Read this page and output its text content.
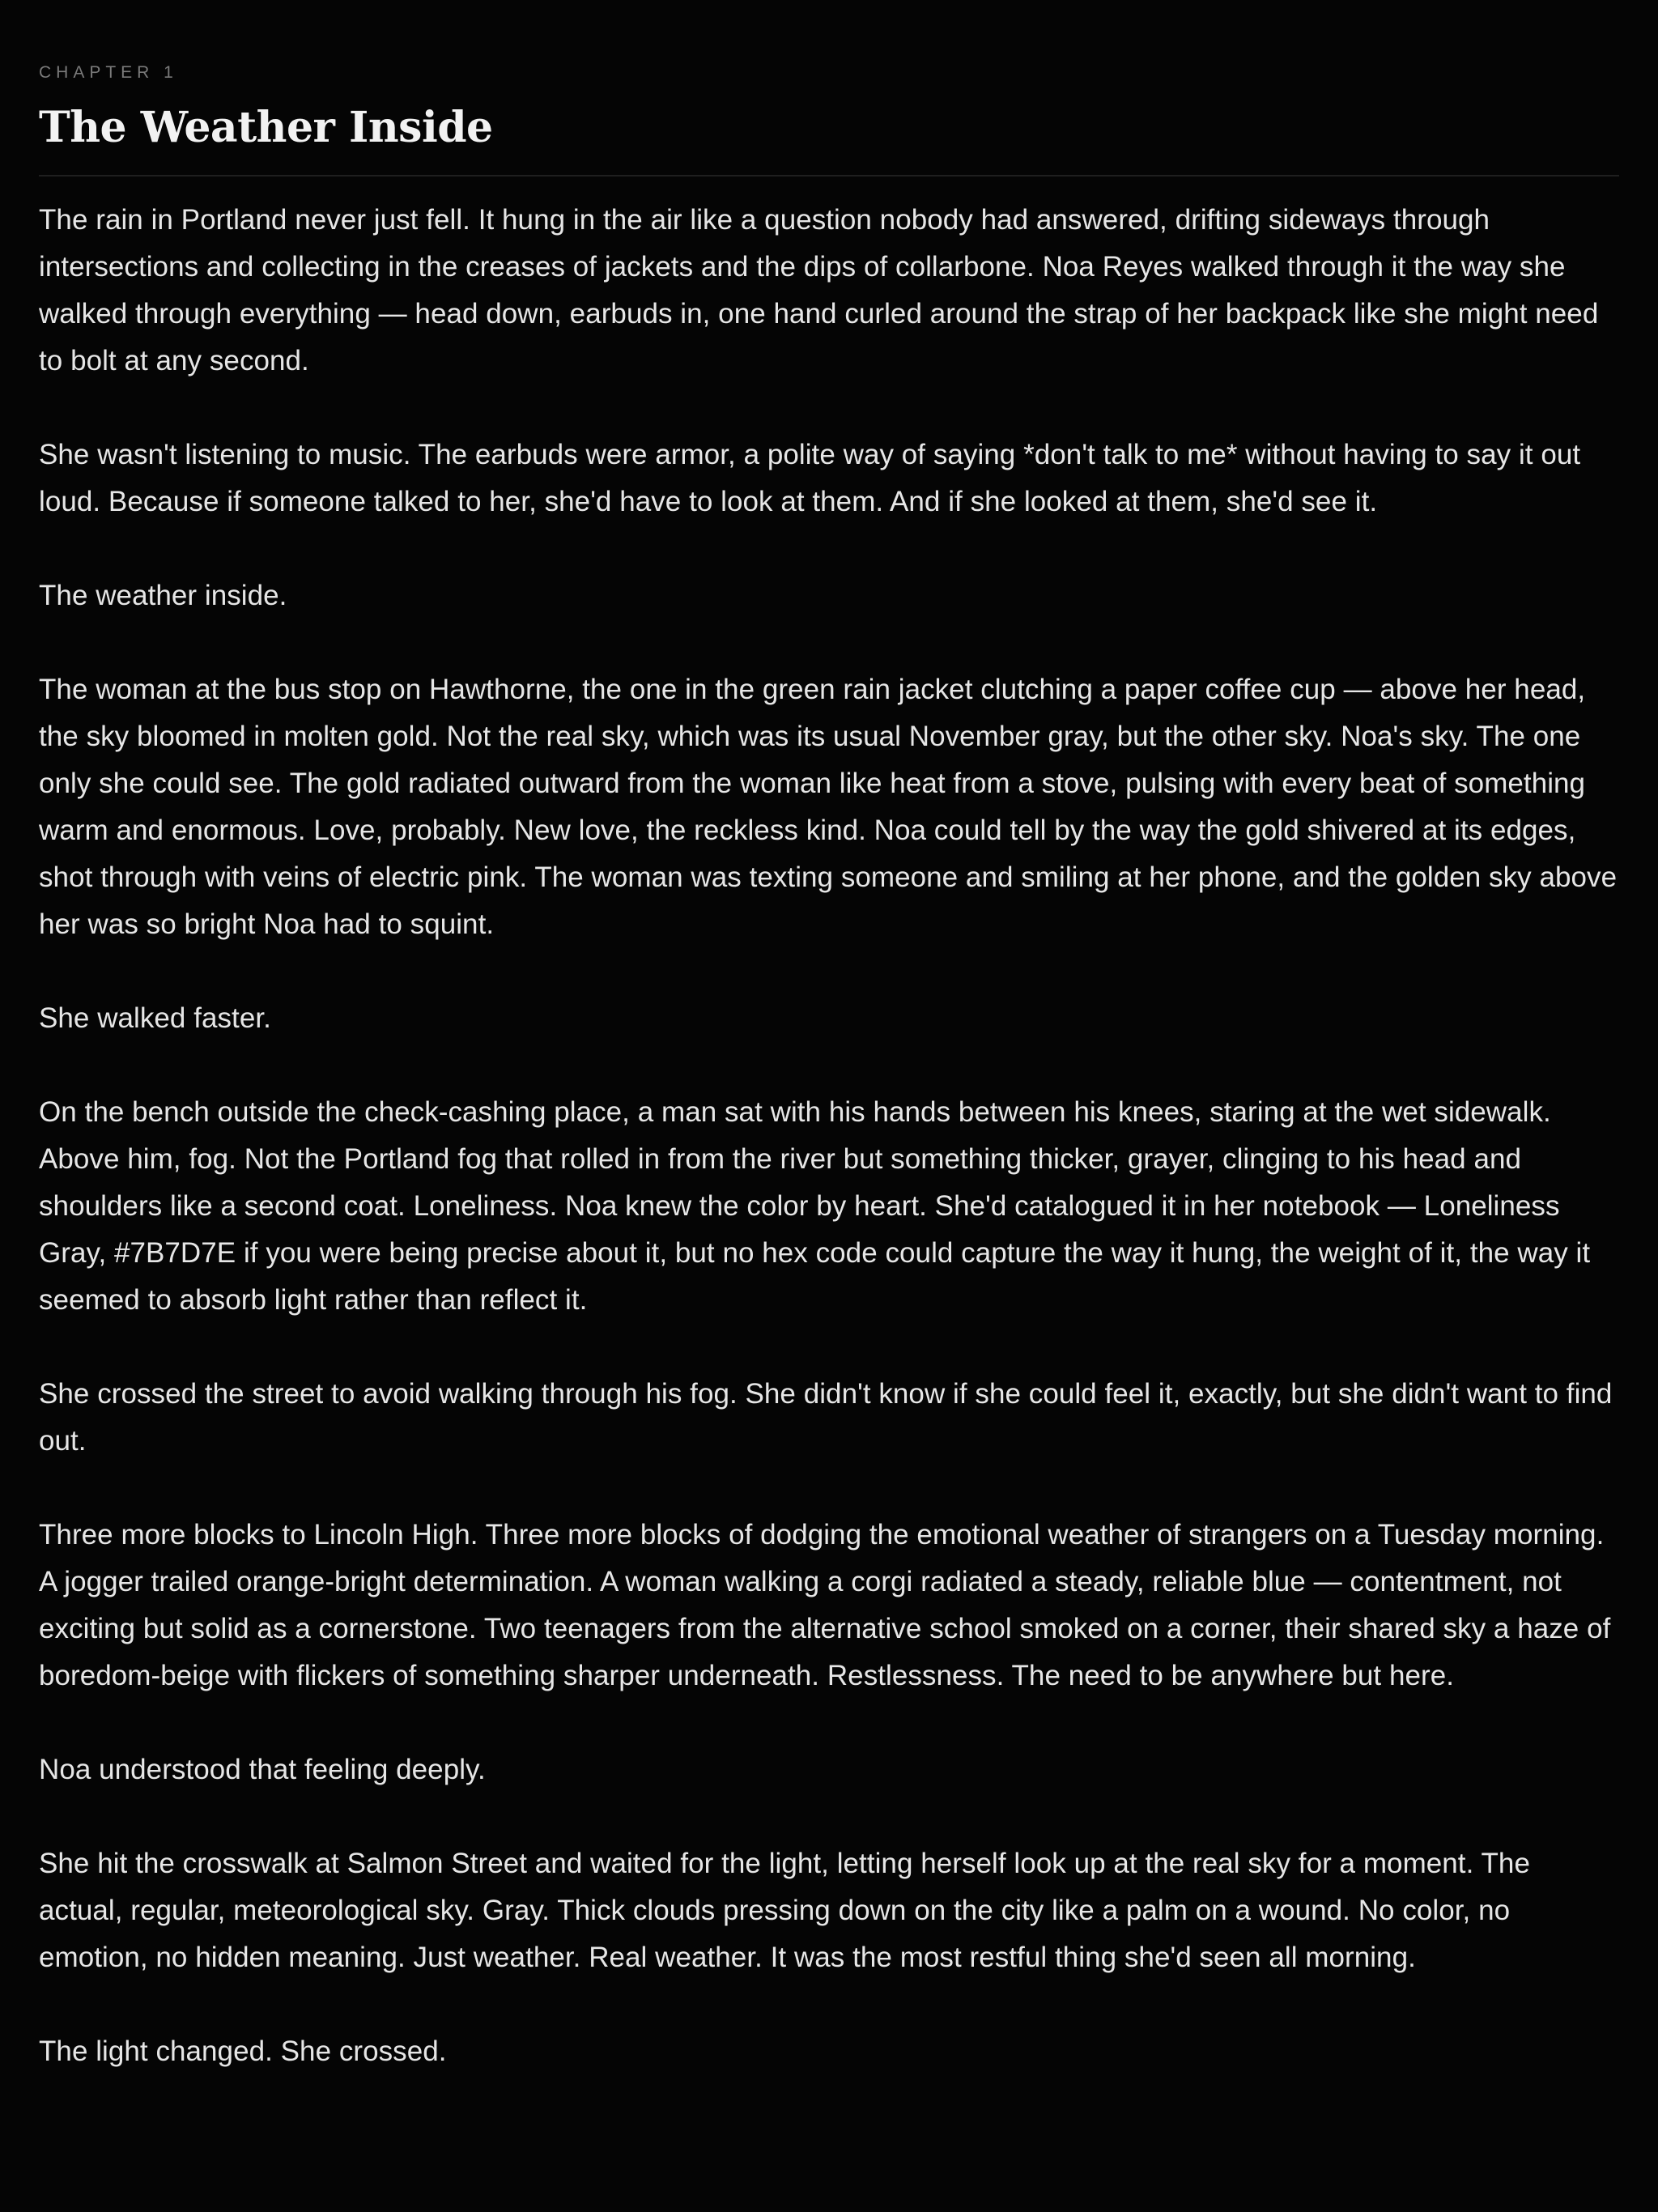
CHAPTER 1
The Weather Inside

The rain in Portland never just fell. It hung in the air like a question nobody had answered, drifting sideways through intersections and collecting in the creases of jackets and the dips of collarbone. Noa Reyes walked through it the way she walked through everything — head down, earbuds in, one hand curled around the strap of her backpack like she might need to bolt at any second.

She wasn't listening to music. The earbuds were armor, a polite way of saying *don't talk to me* without having to say it out loud. Because if someone talked to her, she'd have to look at them. And if she looked at them, she'd see it.

The weather inside.

The woman at the bus stop on Hawthorne, the one in the green rain jacket clutching a paper coffee cup — above her head, the sky bloomed in molten gold. Not the real sky, which was its usual November gray, but the other sky. Noa's sky. The one only she could see. The gold radiated outward from the woman like heat from a stove, pulsing with every beat of something warm and enormous. Love, probably. New love, the reckless kind. Noa could tell by the way the gold shivered at its edges, shot through with veins of electric pink. The woman was texting someone and smiling at her phone, and the golden sky above her was so bright Noa had to squint.

She walked faster.

On the bench outside the check-cashing place, a man sat with his hands between his knees, staring at the wet sidewalk. Above him, fog. Not the Portland fog that rolled in from the river but something thicker, grayer, clinging to his head and shoulders like a second coat. Loneliness. Noa knew the color by heart. She'd catalogued it in her notebook — Loneliness Gray, #7B7D7E if you were being precise about it, but no hex code could capture the way it hung, the weight of it, the way it seemed to absorb light rather than reflect it.

She crossed the street to avoid walking through his fog. She didn't know if she could feel it, exactly, but she didn't want to find out.

Three more blocks to Lincoln High. Three more blocks of dodging the emotional weather of strangers on a Tuesday morning. A jogger trailed orange-bright determination. A woman walking a corgi radiated a steady, reliable blue — contentment, not exciting but solid as a cornerstone. Two teenagers from the alternative school smoked on a corner, their shared sky a haze of boredom-beige with flickers of something sharper underneath. Restlessness. The need to be anywhere but here.

Noa understood that feeling deeply.

She hit the crosswalk at Salmon Street and waited for the light, letting herself look up at the real sky for a moment. The actual, regular, meteorological sky. Gray. Thick clouds pressing down on the city like a palm on a wound. No color, no emotion, no hidden meaning. Just weather. Real weather. It was the most restful thing she'd seen all morning.

The light changed. She crossed.
